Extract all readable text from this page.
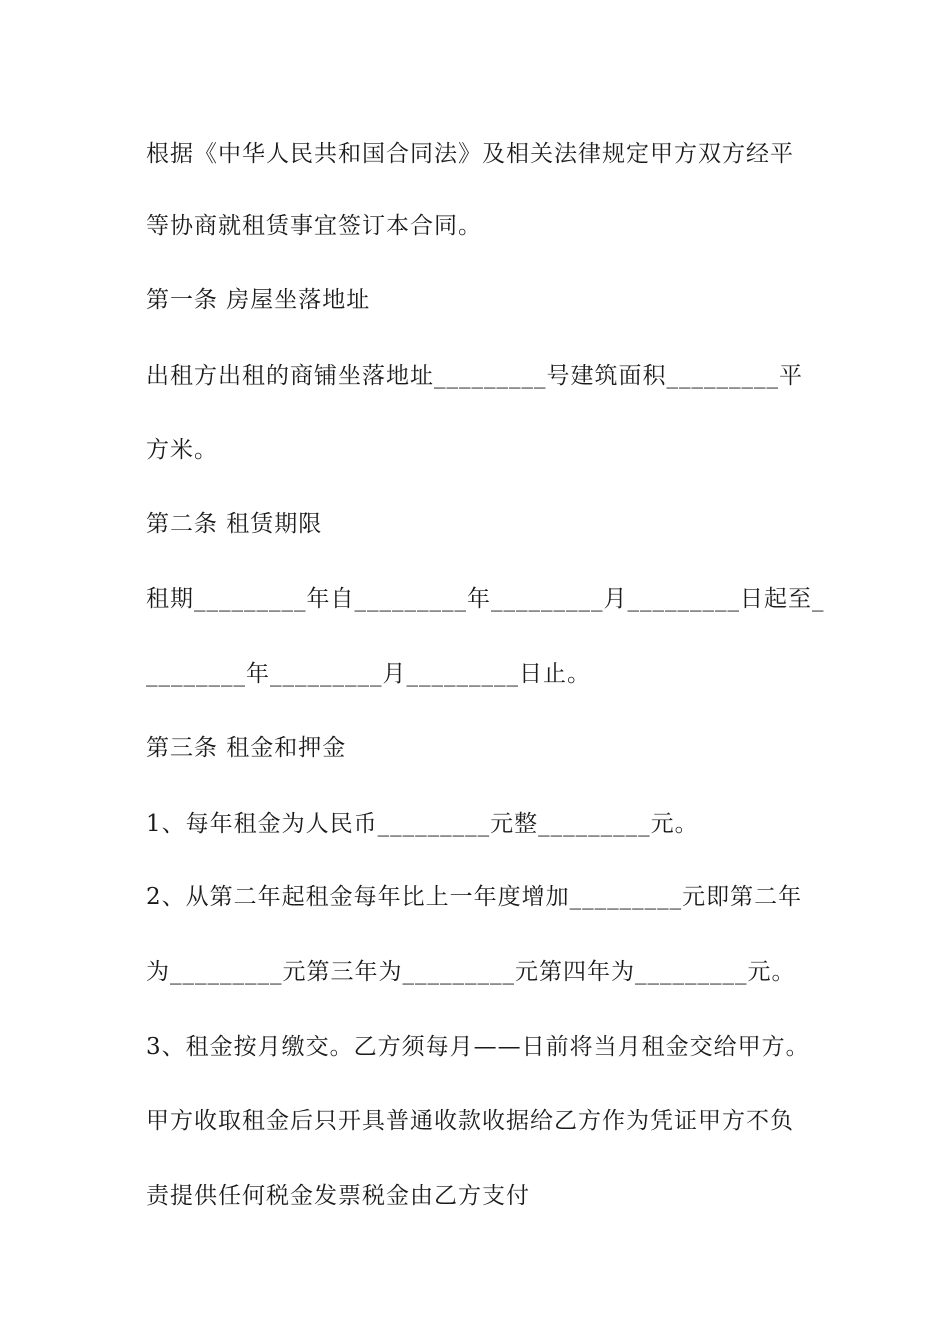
根据《中华人民共和国合同法》及相关法律规定甲方双方经平
等协商就租赁事宜签订本合同。
第一条 房屋坐落地址
出租方出租的商铺坐落地址_________号建筑面积_________平
方米。
第二条 租赁期限
租期_________年自_________年_________月_________日起至_
________年_________月_________日止。
第三条 租金和押金
1、每年租金为人民币_________元整_________元。
2、从第二年起租金每年比上一年度增加_________元即第二年
为_________元第三年为_________元第四年为_________元。
3、租金按月缴交。乙方须每月——日前将当月租金交给甲方。
甲方收取租金后只开具普通收款收据给乙方作为凭证甲方不负
责提供任何税金发票税金由乙方支付
